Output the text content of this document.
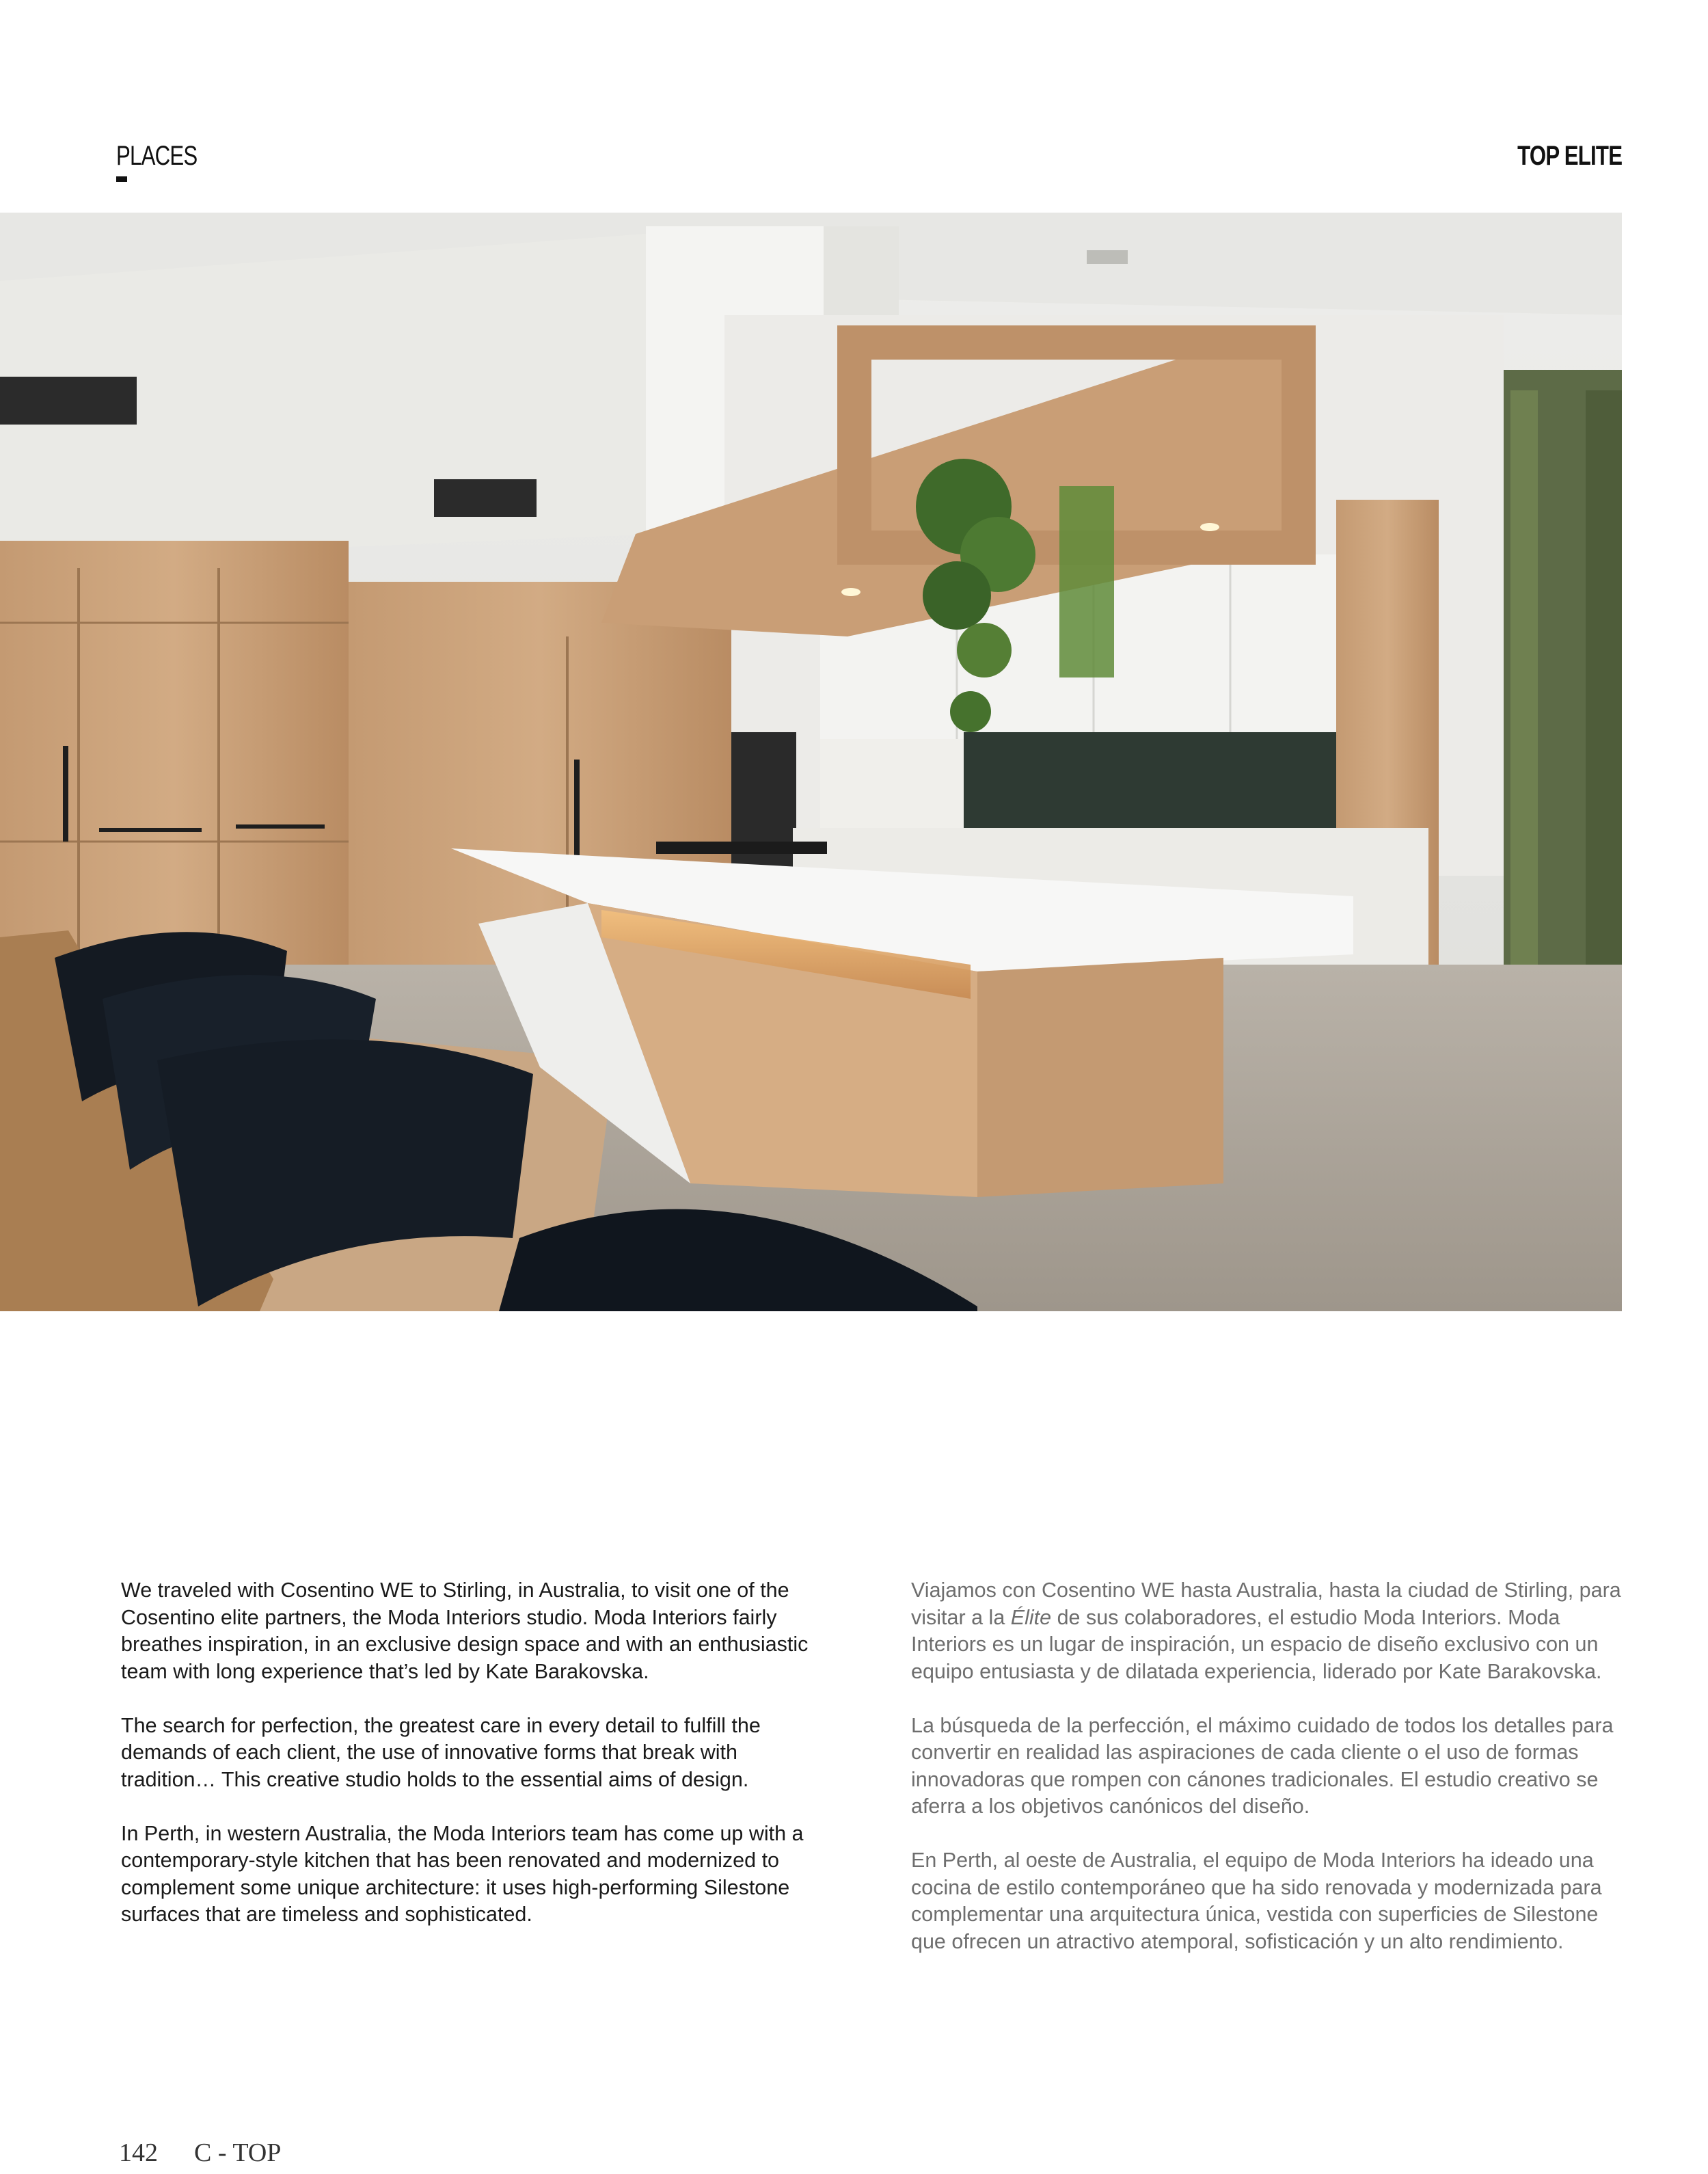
PLACES	TOP ELITE

We traveled with Cosentino WE to Stirling, in Australia, to visit one of the Cosentino elite partners, the Moda Interiors studio. Moda Interiors fairly breathes inspiration, in an exclusive design space and with an enthusiastic team with long experience that’s led by Kate Barakovska.

The search for perfection, the greatest care in every detail to fulfill the demands of each client, the use of innovative forms that break with tradition… This creative studio holds to the essential aims of design.

In Perth, in western Australia, the Moda Interiors team has come up with a contemporary-style kitchen that has been renovated and modernized to complement some unique architecture: it uses high-performing Silestone surfaces that are timeless and sophisticated.

Viajamos con Cosentino WE hasta Australia, hasta la ciudad de Stirling, para visitar a la Élite de sus colaboradores, el estudio Moda Interiors. Moda Interiors es un lugar de inspiración, un espacio de diseño exclusivo con un equipo entusiasta y de dilatada experiencia, liderado por Kate Barakovska.

La búsqueda de la perfección, el máximo cuidado de todos los detalles para convertir en realidad las aspiraciones de cada cliente o el uso de formas innovadoras que rompen con cánones tradicionales. El estudio creativo se aferra a los objetivos canónicos del diseño.

En Perth, al oeste de Australia, el equipo de Moda Interiors ha ideado una cocina de estilo contemporáneo que ha sido renovada y modernizada para complementar una arquitectura única, vestida con superficies de Silestone que ofrecen un atractivo atemporal, sofisticación y un alto rendimiento.

142 C - TOP
